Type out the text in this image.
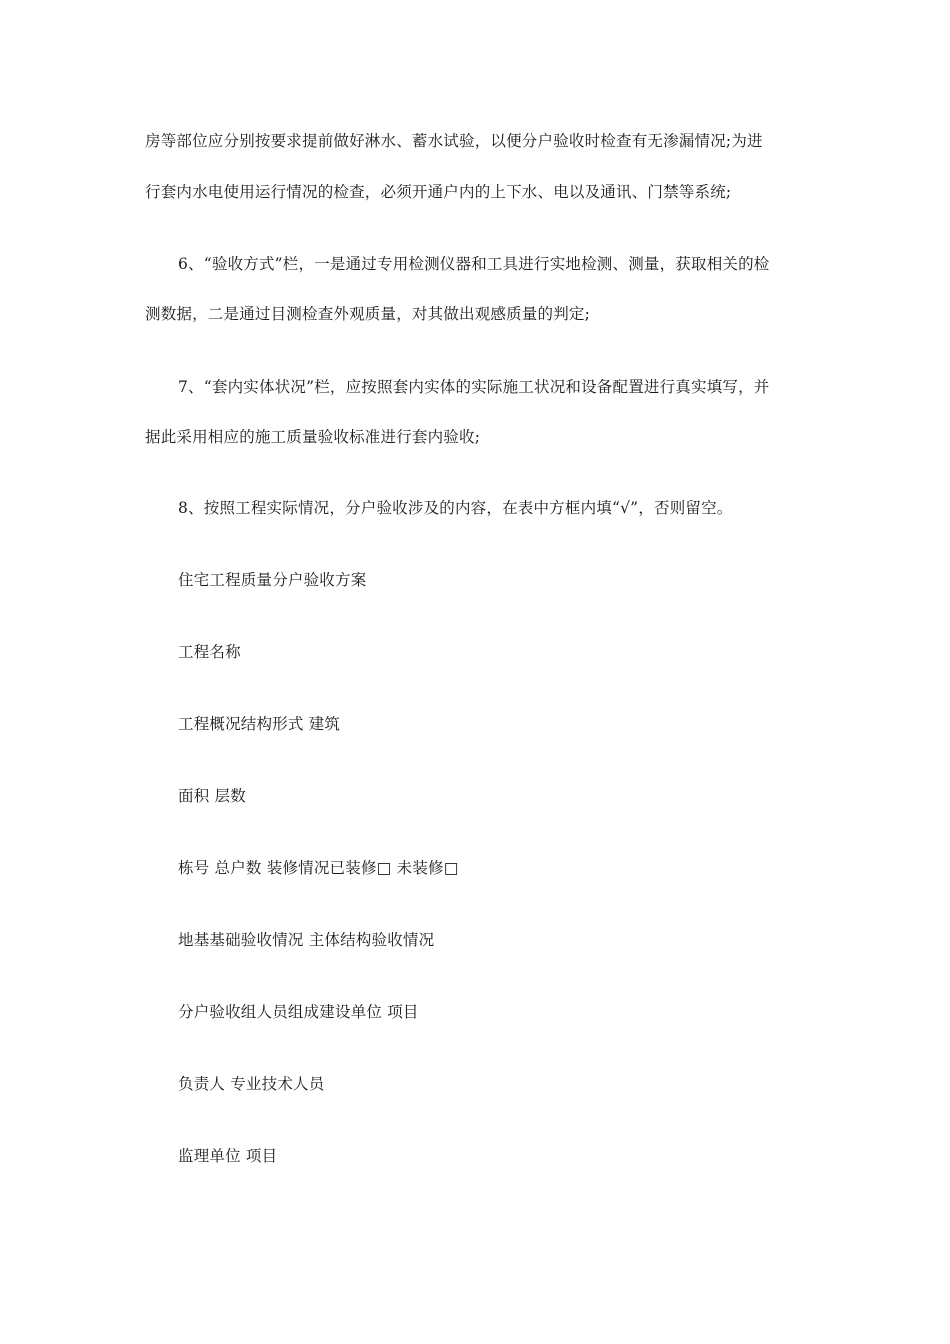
房等部位应分别按要求提前做好淋水、蓄水试验，以便分户验收时检查有无渗漏情况;为进
行套内水电使用运行情况的检查，必须开通户内的上下水、电以及通讯、门禁等系统;
6、“验收方式”栏，一是通过专用检测仪器和工具进行实地检测、测量，获取相关的检
测数据，二是通过目测检查外观质量，对其做出观感质量的判定;
7、“套内实体状况”栏，应按照套内实体的实际施工状况和设备配置进行真实填写，并
据此采用相应的施工质量验收标准进行套内验收;
8、按照工程实际情况，分户验收涉及的内容，在表中方框内填“√”，否则留空。
住宅工程质量分户验收方案
工程名称
工程概况结构形式 建筑
面积 层数
栋号 总户数 装修情况已装修□ 未装修□
地基基础验收情况 主体结构验收情况
分户验收组人员组成建设单位 项目
负责人 专业技术人员
监理单位 项目
